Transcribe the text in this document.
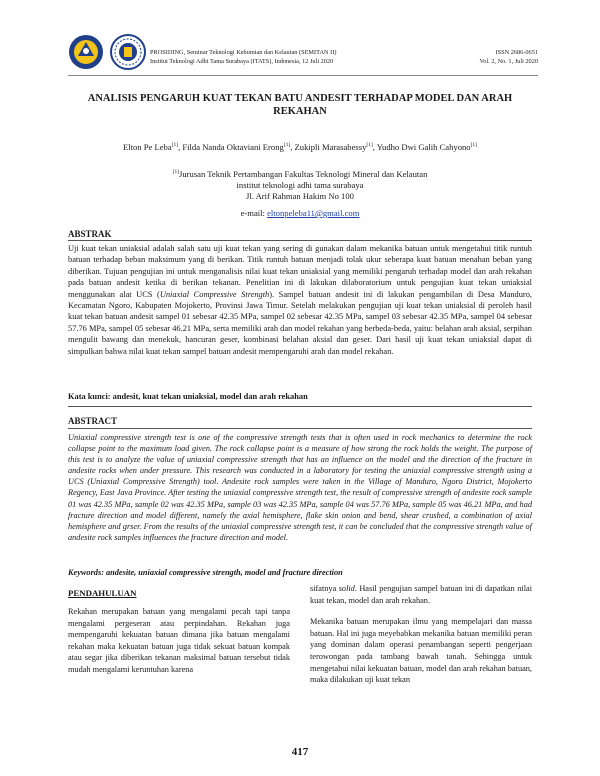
PROSIDING, Seminar Teknologi Kebumian dan Kelautan (SEMITAN II)
Institut Teknologi Adhi Tama Surabaya (ITATS), Indonesia, 12 Juli 2020
ISSN 2686-0651
Vol. 2, No. 1, Juli 2020
ANALISIS PENGARUH KUAT TEKAN BATU ANDESIT TERHADAP MODEL DAN ARAH
REKAHAN
Elton Pe Leba[1], Filda Nanda Oktaviani Erong[1], Zukipli Marasabessy[1], Yudho Dwi Galih Cahyono[1]
[1]Jurusan Teknik Pertambangan Fakultas Teknologi Mineral dan Kelautan
institut teknologi adhi tama surabaya
Jl. Arif Rahman Hakim No 100
e-mail: eltonpeleba11@gmail.com
ABSTRAK
Uji kuat tekan uniaksial adalah salah satu uji kuat tekan yang sering di gunakan dalam mekanika batuan untuk mengetahui titik runtuh batuan terhadap beban maksimum yang di berikan. Titik runtuh batuan menjadi tolak ukur seberapa kuat batuan menahan beban yang diberikan. Tujuan pengujian ini untuk menganalisis nilai kuat tekan uniaksial yang memiliki pengaruh terhadap model dan arah rekahan pada batuan andesit ketika di berikan tekanan. Penelitian ini di lakukan dilaboratorium untuk pengujian kuat tekan uniaksial menggunakan alat UCS (Uniaxial Compressive Strength). Sampel batuan andesit ini di lakukan pengambilan di Desa Manduro, Kecamatan Ngoro, Kabupaten Mojokerto, Provinsi Jawa Timur. Setelah melakukan pengujian uji kuat tekan uniaksial di peroleh hasil kuat tekan batuan andesit sampel 01 sebesar 42.35 MPa, sampel 02 sebesar 42.35 MPa, sampel 03 sebesar 42.35 MPa, sampel 04 sebesar 57.76 MPa, sampel 05 sebesar 46.21 MPa, serta memiliki arah dan model rekahan yang berbeda-beda, yaitu: belahan arah aksial, serpihan mengulit bawang dan menekuk, hancuran geser, kombinasi belahan aksial dan geser. Dari hasil uji kuat tekan uniaksial dapat di simpulkan bahwa nilai kuat tekan sampel batuan andesit mempengaruhi arah dan model rekahan.
Kata kunci: andesit, kuat tekan uniaksial, model dan arah rekahan
ABSTRACT
Uniaxial compressive strength test is one of the compressive strength tests that is often used in rock mechanics to determine the rock collapse point to the maximum load given. The rock collapse point is a measure of how strong the rock holds the weight. The purpose of this test is to analyze the value of uniaxial compressive strength that has an influence on the model and the direction of the fracture in andesite rocks when under pressure. This research was conducted in a laboratory for testing the uniaxial compressive strength using a UCS (Uniaxial Compressive Strength) tool. Andesite rock samples were taken in the Village of Manduro, Ngoro District, Mojokerto Regency, East Java Province. After testing the uniaxial compressive strength test, the result of compressive strength of andesite rock sample 01 was 42.35 MPa, sample 02 was 42.35 MPa, sample 03 was 42.35 MPa, sample 04 was 57.76 MPa, sample 05 was 46.21 MPa, and had fracture direction and model different, namely the axial hemisphere, flake skin onion and bend, shear crushed, a combination of axial hemisphere and grser. From the results of the uniaxial compressive strength test, it can be concluded that the compressive strength value of andesite rock samples influences the fracture direction and model.
Keywords: andesite, uniaxial compressive strength, model and fracture direction
PENDAHULUAN

Rekahan merupakan batuan yang mengalami pecah tapi tanpa mengalami pergeseran atau perpindahan. Rekahan juga mempengaruhi kekuatan batuan dimana jika batuan mengalami rekahan maka kekuatan batuan juga tidak sekuat batuan kompak atau segar jika diberikan tekanan maksimal batuan tersebut tidak mudah mengalami keruntuhan karena

sifatnya solid. Hasil pengujian sampel batuan ini di dapatkan nilai kuat tekan, model dan arah rekahan.

Mekanika batuan merupakan ilmu yang mempelajari dan massa batuan. Hal ini juga meyebabkan mekanika batuan memiliki peran yang dominan dalam operasi penambangan seperti pengerjaan terowongan pada tambang bawah tanah. Sehingga untuk mengetahui nilai kekuatan batuan, model dan arah rekahan batuan, maka dilakukan uji kuat tekan

417
